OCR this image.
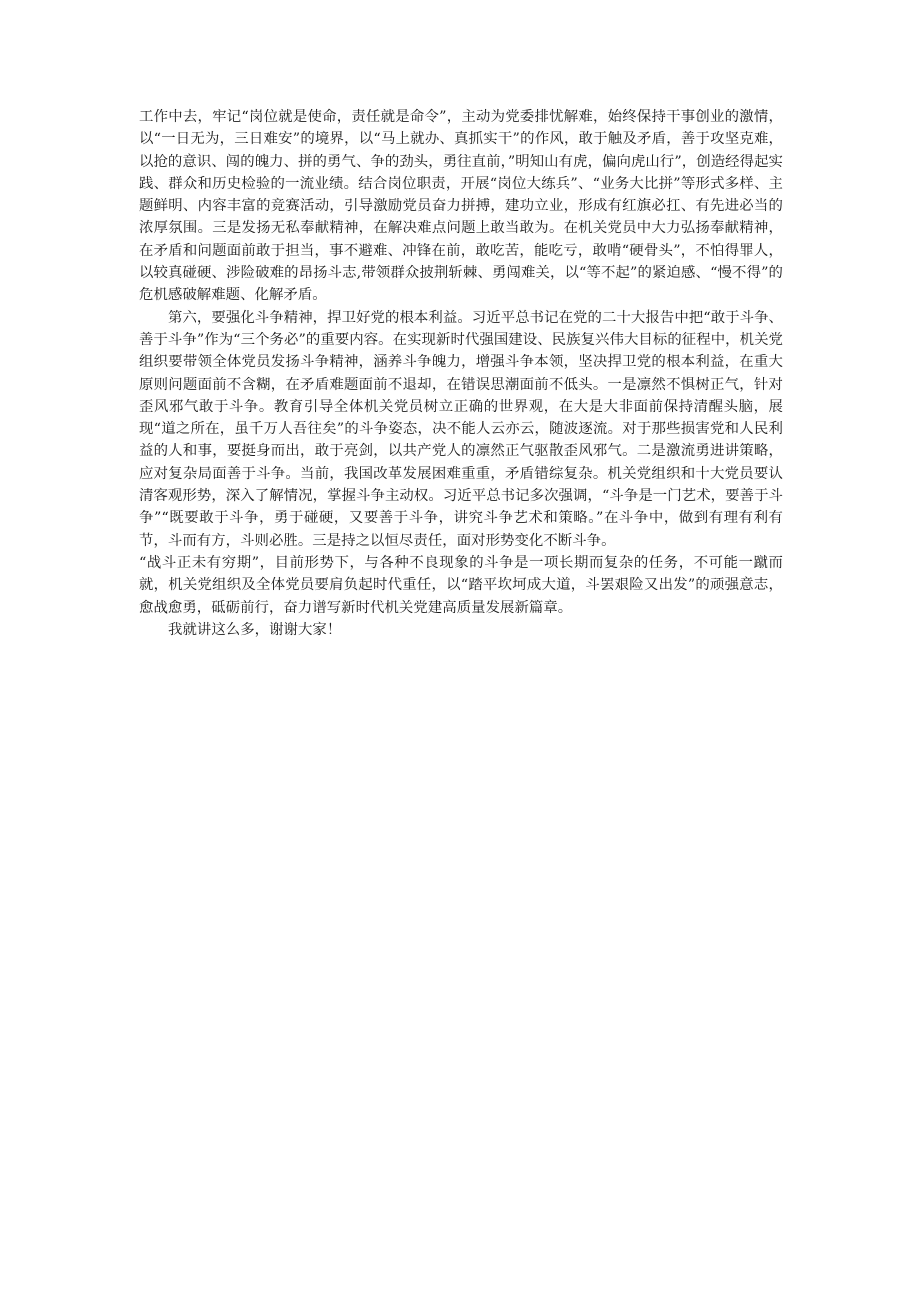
工作中去，牢记“岗位就是使命，责任就是命令”，主动为党委排忧解难，始终保持干事创业的激情，以“一日无为，三日难安”的境界，以“马上就办、真抓实干”的作风，敢于触及矛盾，善于攻坚克难，以抢的意识、闯的魄力、拼的勇气、争的劲头，勇往直前，”明知山有虎，偏向虎山行”，创造经得起实践、群众和历史检验的一流业绩。结合岗位职责，开展“岗位大练兵”、“业务大比拼”等形式多样、主题鲜明、内容丰富的竞赛活动，引导激励党员奋力拼搏，建功立业，形成有红旗必扛、有先进必当的浓厚氛围。三是发扬无私奉献精神，在解决难点问题上敢当敢为。在机关党员中大力弘扬奉献精神，在矛盾和问题面前敢于担当，事不避难、冲锋在前，敢吃苦，能吃亏，敢啃“硬骨头”，不怕得罪人，以较真碰硬、涉险破难的昂扬斗志,带领群众披荆斩棘、勇闯难关，以“等不起”的紧迫感、“慢不得”的危机感破解难题、化解矛盾。

第六，要强化斗争精神，捍卫好党的根本利益。习近平总书记在党的二十大报告中把“敢于斗争、善于斗争”作为“三个务必”的重要内容。在实现新时代强国建设、民族复兴伟大目标的征程中，机关党组织要带领全体党员发扬斗争精神，涵养斗争魄力，增强斗争本领，坚决捍卫党的根本利益，在重大原则问题面前不含糊，在矛盾难题面前不退却，在错误思潮面前不低头。一是凛然不惧树正气，针对歪风邪气敢于斗争。教育引导全体机关党员树立正确的世界观，在大是大非面前保持清醒头脑，展现“道之所在，虽千万人吾往矣”的斗争姿态，决不能人云亦云，随波逐流。对于那些损害党和人民利益的人和事，要挺身而出，敢于亮剑，以共产党人的凛然正气驱散歪风邪气。二是激流勇进讲策略，应对复杂局面善于斗争。当前，我国改革发展困难重重，矛盾错综复杂。机关党组织和十大党员要认清客观形势，深入了解情况，掌握斗争主动权。习近平总书记多次强调，“斗争是一门艺术，要善于斗争”“既要敢于斗争，勇于碰硬，又要善于斗争，讲究斗争艺术和策略。”在斗争中，做到有理有利有节，斗而有方，斗则必胜。三是持之以恒尽责任，面对形势变化不断斗争。

“战斗正未有穷期”，目前形势下，与各种不良现象的斗争是一项长期而复杂的任务，不可能一蹴而就，机关党组织及全体党员要肩负起时代重任，以“踏平坎坷成大道，斗罢艰险又出发”的顽强意志，愈战愈勇，砥砺前行，奋力谱写新时代机关党建高质量发展新篇章。

我就讲这么多，谢谢大家！
